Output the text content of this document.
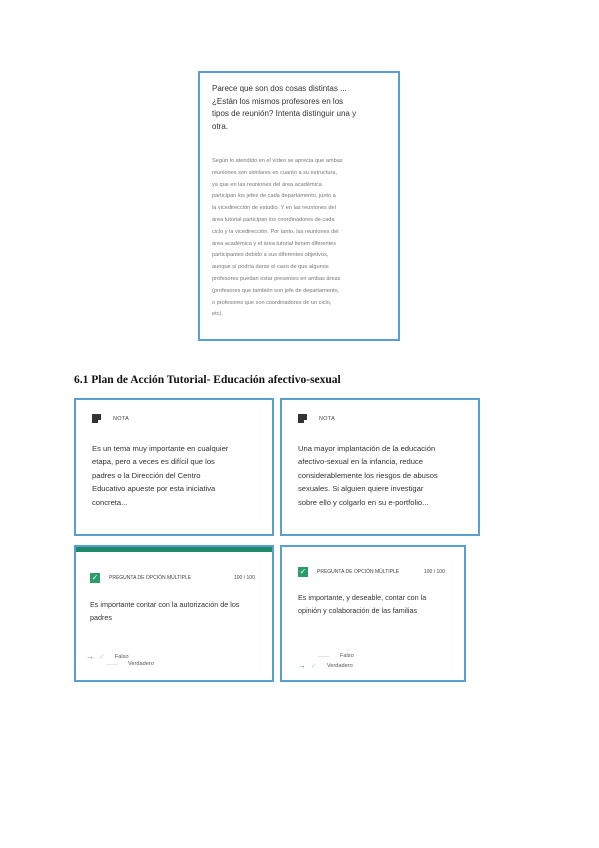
Parece que son dos cosas distintas ...
¿Están los mismos profesores en los
tipos de reunión? Intenta distinguir una y
otra.

Según lo atendido en el vídeo se aprecia que ambas
reuniones son similares en cuanto a su estructura,
ya que en las reuniones del área académica
participan los jefes de cada departamento, junto a
la vicedirección de estudio. Y en las reuniones del
área tutorial participan los coordinadores de cada
ciclo y la vicedirección. Por tanto, las reuniones del
área académica y el área tutorial tienen diferentes
participantes debido a sus diferentes objetivos,
aunque sí podría darse el caso de que algunos
profesores puedan estar presentes en ambas áreas
(profesores que también son jefe de departamento,
o profesores que son coordinadores de un ciclo,
etc).
6.1 Plan de Acción Tutorial- Educación afectivo-sexual
NOTA

Es un tema muy importante en cualquier
etapa, pero a veces es difícil que los
padres o la Dirección del Centro
Educativo apueste por esta iniciativa
concreta...

NOTA

Una mayor implantación de la educación
afectivo-sexual en la infancia, reduce
considerablemente los riesgos de abusos
sexuales. Si alguien quiere investigar
sobre ello y colgarlo en su e-portfolio...

✓	PREGUNTA DE OPCIÓN MÚLTIPLE	100 / 100

Es importante contar con la autorización de los
padres

→ ✓ Falso
Verdadero
✓	PREGUNTA DE OPCIÓN MÚLTIPLE	100 / 100

Es importante, y deseable, contar con la
opinión y colaboración de las familias

Falso
→ ✓ Verdadero
